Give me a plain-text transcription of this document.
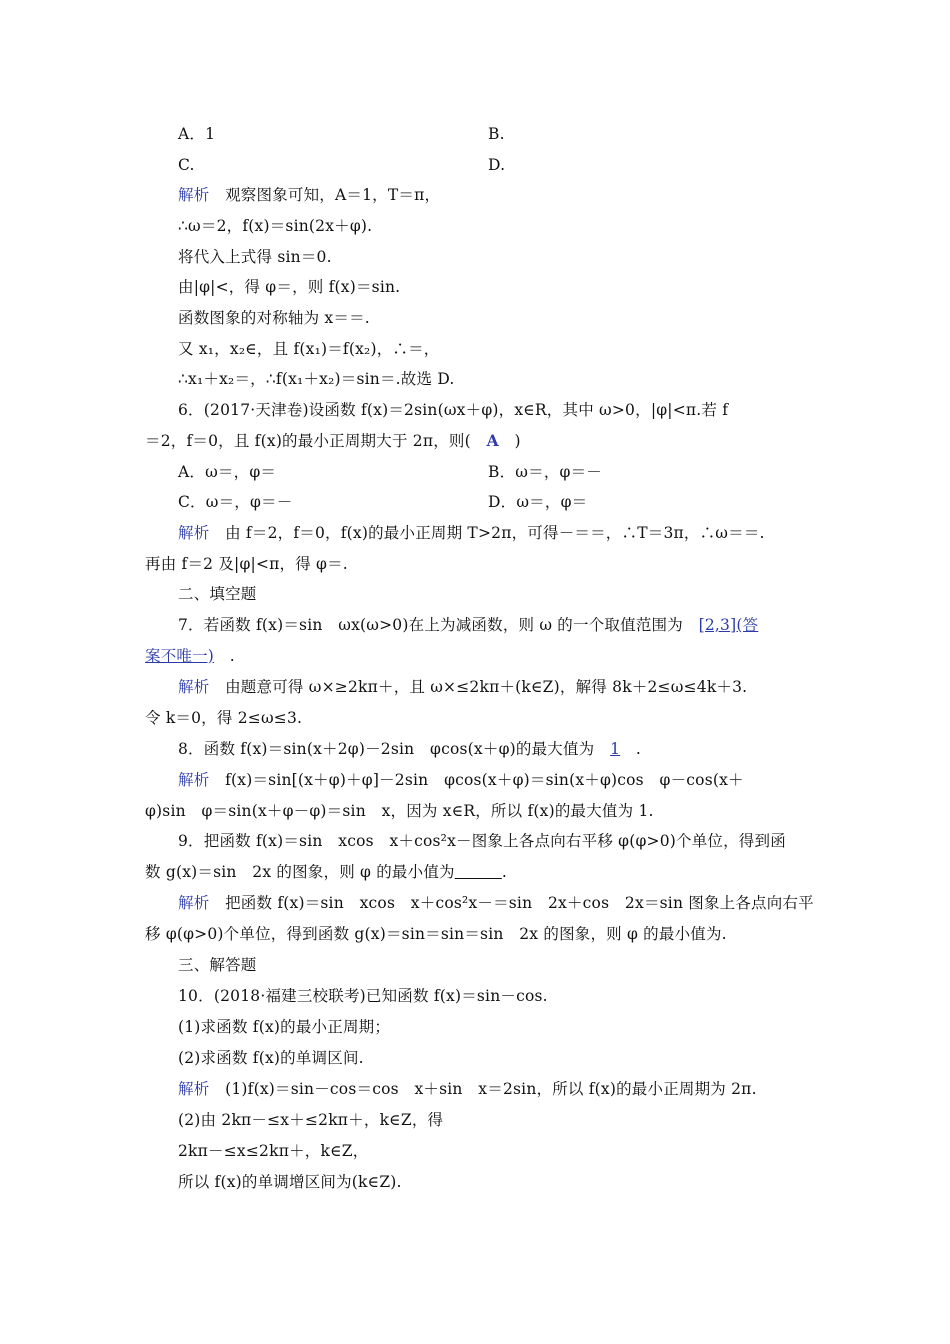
A．1	B.
C.	D.
解析　观察图象可知，A＝1，T＝π，
∴ω＝2，f(x)＝sin(2x＋φ).
将代入上式得 sin＝0.
由|φ|<，得 φ＝，则 f(x)＝sin.
函数图象的对称轴为 x＝＝.
又 x₁，x₂∈，且 f(x₁)＝f(x₂)，∴＝，
∴x₁＋x₂＝，∴f(x₁＋x₂)＝sin＝.故选 D.
6．(2017·天津卷)设函数 f(x)＝2sin(ωx＋φ)，x∈R，其中 ω>0，|φ|<π.若 f
＝2，f＝0，且 f(x)的最小正周期大于 2π，则(　A　)
A．ω＝，φ＝	B．ω＝，φ＝－
C．ω＝，φ＝－	D．ω＝，φ＝
解析　由 f＝2，f＝0，f(x)的最小正周期 T>2π，可得－＝＝，∴T＝3π，∴ω＝＝.
再由 f＝2 及|φ|<π，得 φ＝.
二、填空题
7．若函数 f(x)＝sin　ωx(ω>0)在上为减函数，则 ω 的一个取值范围为　[2,3](答
案不唯一)　.
解析　由题意可得 ω×≥2kπ＋，且 ω×≤2kπ＋(k∈Z)，解得 8k＋2≤ω≤4k＋3.
令 k＝0，得 2≤ω≤3.
8．函数 f(x)＝sin(x＋2φ)－2sin　φcos(x＋φ)的最大值为　1　.
解析　f(x)＝sin[(x＋φ)＋φ]－2sin　φcos(x＋φ)＝sin(x＋φ)cos　φ－cos(x＋
φ)sin　φ＝sin(x＋φ－φ)＝sin　x，因为 x∈R，所以 f(x)的最大值为 1.
9．把函数 f(x)＝sin　xcos　x＋cos²x－图象上各点向右平移 φ(φ>0)个单位，得到函
数 g(x)＝sin　2x 的图象，则 φ 的最小值为　　　	.
解析　把函数 f(x)＝sin　xcos　x＋cos²x－＝sin　2x＋cos　2x＝sin 图象上各点向右平
移 φ(φ>0)个单位，得到函数 g(x)＝sin＝sin＝sin　2x 的图象，则 φ 的最小值为.
三、解答题
10．(2018·福建三校联考)已知函数 f(x)＝sin－cos.
(1)求函数 f(x)的最小正周期；
(2)求函数 f(x)的单调区间.
解析　(1)f(x)＝sin－cos＝cos　x＋sin　x＝2sin，所以 f(x)的最小正周期为 2π.
(2)由 2kπ－≤x＋≤2kπ＋，k∈Z，得
2kπ－≤x≤2kπ＋，k∈Z，
所以 f(x)的单调增区间为(k∈Z).
